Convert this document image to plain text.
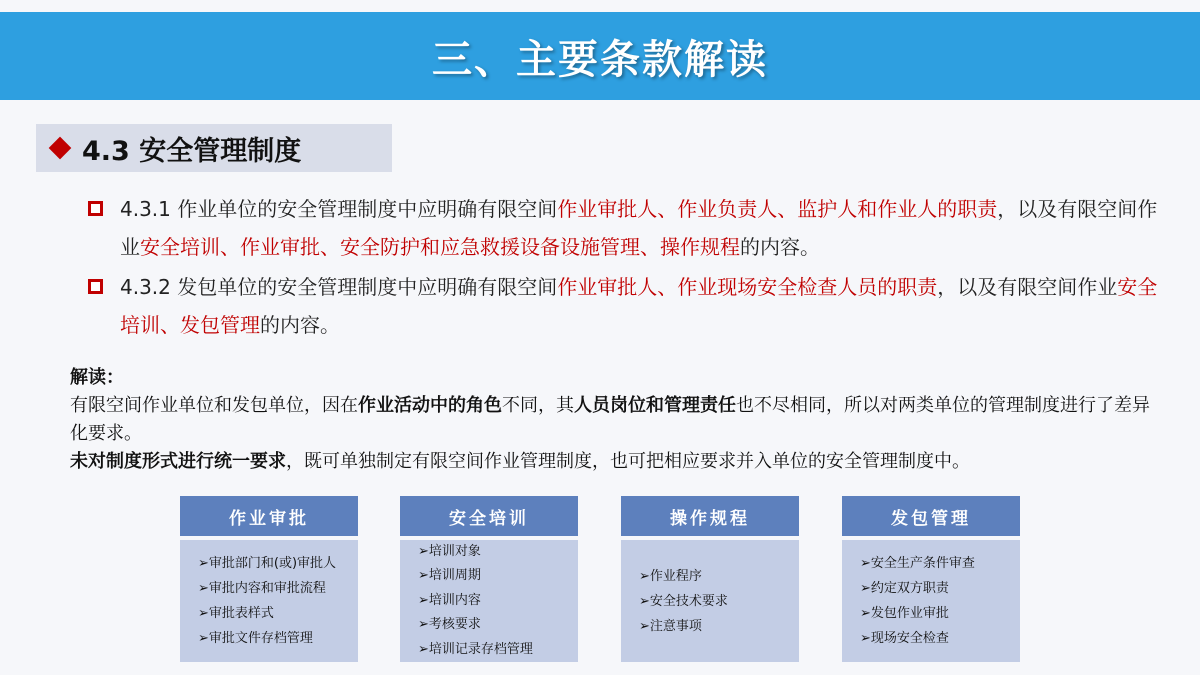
三、主要条款解读
4.3 安全管理制度
4.3.1 作业单位的安全管理制度中应明确有限空间作业审批人、作业负责人、监护人和作业人的职责，以及有限空间作业安全培训、作业审批、安全防护和应急救援设备设施管理、操作规程的内容。
4.3.2 发包单位的安全管理制度中应明确有限空间作业审批人、作业现场安全检查人员的职责，以及有限空间作业安全培训、发包管理的内容。
解读：
有限空间作业单位和发包单位，因在作业活动中的角色不同，其人员岗位和管理责任也不尽相同，所以对两类单位的管理制度进行了差异化要求。
未对制度形式进行统一要求，既可单独制定有限空间作业管理制度，也可把相应要求并入单位的安全管理制度中。
作业审批
➢审批部门和(或)审批人
➢审批内容和审批流程
➢审批表样式
➢审批文件存档管理
安全培训
➢培训对象
➢培训周期
➢培训内容
➢考核要求
➢培训记录存档管理
操作规程
➢作业程序
➢安全技术要求
➢注意事项
发包管理
➢安全生产条件审查
➢约定双方职责
➢发包作业审批
➢现场安全检查
